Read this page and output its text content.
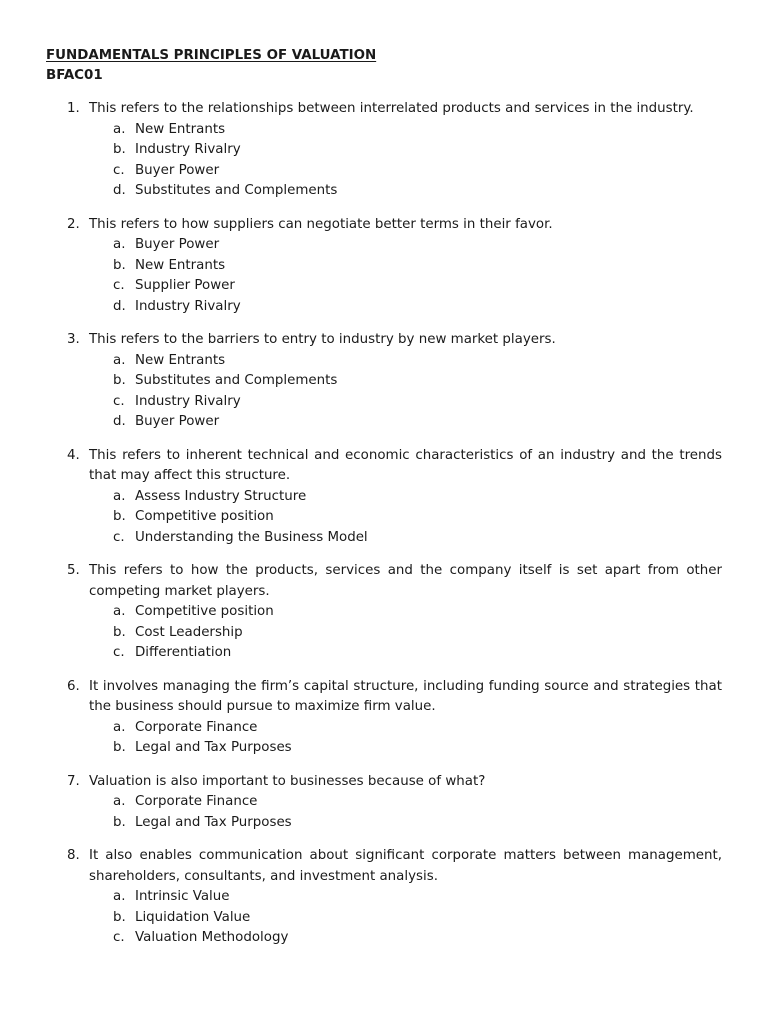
FUNDAMENTALS PRINCIPLES OF VALUATION

BFAC01

1. This refers to the relationships between interrelated products and services in the industry.
a. New Entrants
b. Industry Rivalry
c. Buyer Power
d. Substitutes and Complements
2. This refers to how suppliers can negotiate better terms in their favor.
a. Buyer Power
b. New Entrants
c. Supplier Power
d. Industry Rivalry
3. This refers to the barriers to entry to industry by new market players.
a. New Entrants
b. Substitutes and Complements
c. Industry Rivalry
d. Buyer Power
4. This refers to inherent technical and economic characteristics of an industry and the trends that may affect this structure.
a. Assess Industry Structure
b. Competitive position
c. Understanding the Business Model
5. This refers to how the products, services and the company itself is set apart from other competing market players.
a. Competitive position
b. Cost Leadership
c. Differentiation
6. It involves managing the firm’s capital structure, including funding source and strategies that the business should pursue to maximize firm value.
a. Corporate Finance
b. Legal and Tax Purposes
7. Valuation is also important to businesses because of what?
a. Corporate Finance
b. Legal and Tax Purposes
8. It also enables communication about significant corporate matters between management, shareholders, consultants, and investment analysis.
a. Intrinsic Value
b. Liquidation Value
c. Valuation Methodology
